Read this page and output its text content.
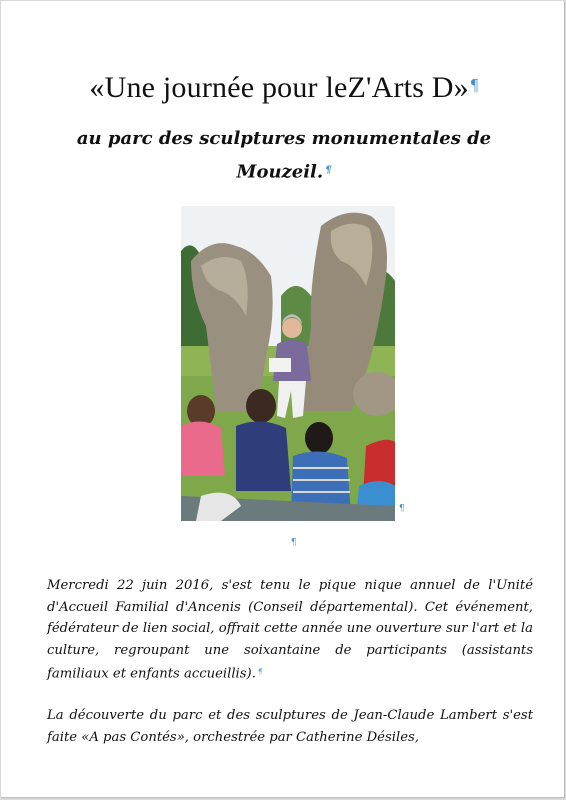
«Une journée pour leZ'Arts D» ¶
au parc des sculptures monumentales de Mouzeil. ¶
¶
¶
Mercredi 22 juin 2016, s'est tenu le pique nique annuel de l'Unité d'Accueil Familial d'Ancenis (Conseil départemental). Cet événement, fédérateur de lien social, offrait cette année une ouverture sur l'art et la culture, regroupant une soixantaine de participants (assistants familiaux et enfants accueillis). ¶
La découverte du parc et des sculptures de Jean-Claude Lambert s'est faite «A pas Contés», orchestrée par Catherine Désiles,
